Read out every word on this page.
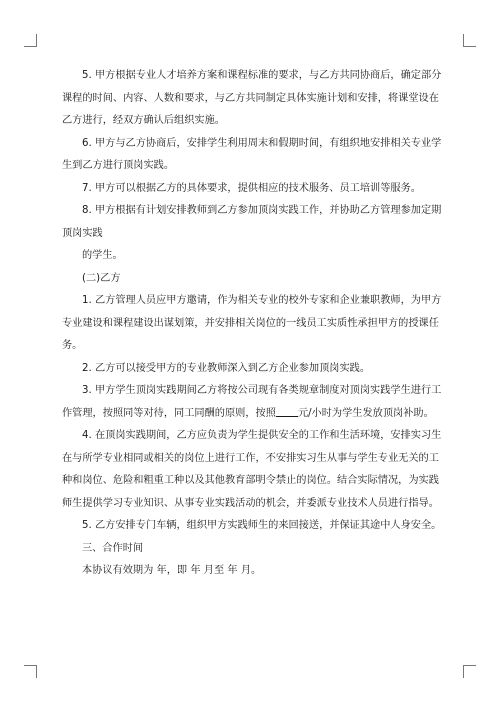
5. 甲方根据专业人才培养方案和课程标准的要求，与乙方共同协商后，确定部分
课程的时间、内容、人数和要求，与乙方共同制定具体实施计划和安排，将课堂设在
乙方进行，经双方确认后组织实施。

6. 甲方与乙方协商后，安排学生利用周末和假期时间，有组织地安排相关专业学
生到乙方进行顶岗实践。

7. 甲方可以根据乙方的具体要求，提供相应的技术服务、员工培训等服务。

8. 甲方根据有计划安排教师到乙方参加顶岗实践工作，并协助乙方管理参加定期
顶岗实践

的学生。

(二)乙方

1. 乙方管理人员应甲方邀请，作为相关专业的校外专家和企业兼职教师，为甲方
专业建设和课程建设出谋划策，并安排相关岗位的一线员工实质性承担甲方的授课任
务。

2. 乙方可以接受甲方的专业教师深入到乙方企业参加顶岗实践。

3. 甲方学生顶岗实践期间乙方将按公司现有各类规章制度对顶岗实践学生进行工
作管理，按照同等对待，同工同酬的原则，按照 元/小时为学生发放顶岗补助。

4. 在顶岗实践期间，乙方应负责为学生提供安全的工作和生活环境，安排实习生
在与所学专业相同或相关的岗位上进行工作，不安排实习生从事与学生专业无关的工
种和岗位、危险和粗重工种以及其他教育部明令禁止的岗位。结合实际情况，为实践
师生提供学习专业知识、从事专业实践活动的机会，并委派专业技术人员进行指导。

5. 乙方安排专门车辆，组织甲方实践师生的来回接送，并保证其途中人身安全。

三、合作时间

本协议有效期为 年，即 年 月至 年 月。
